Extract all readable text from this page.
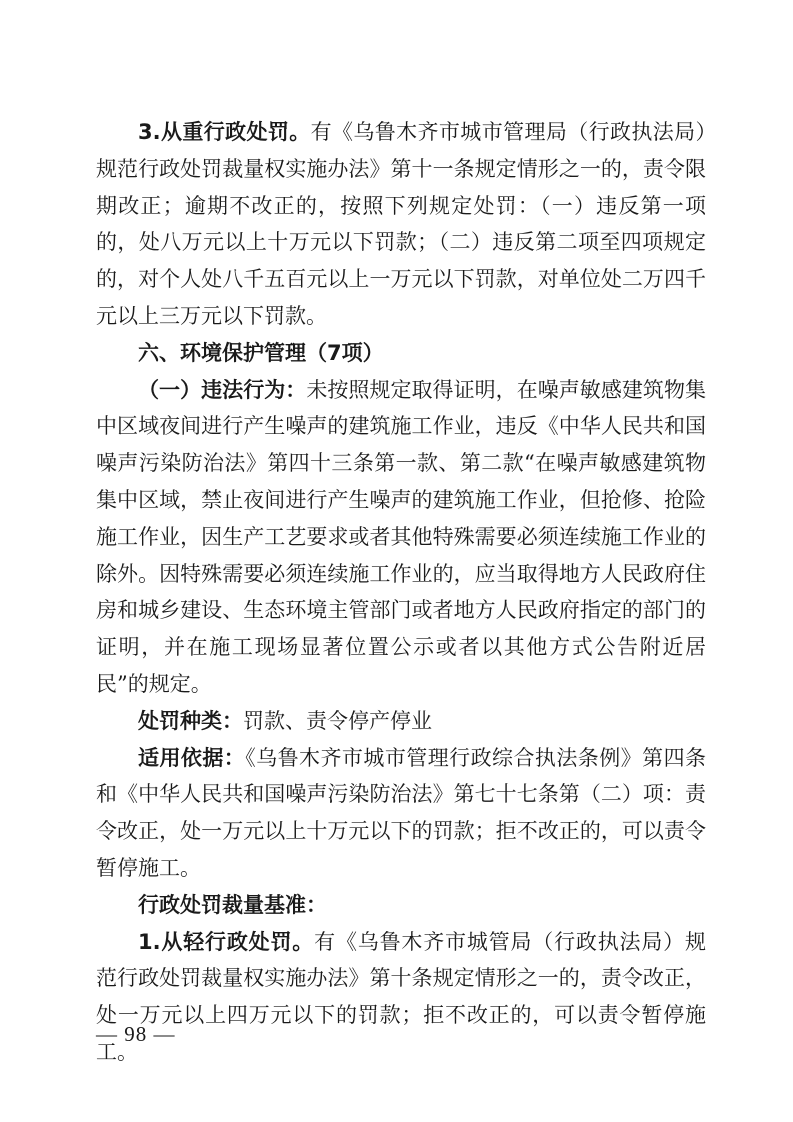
3.从重行政处罚。有《乌鲁木齐市城市管理局（行政执法局）规范行政处罚裁量权实施办法》第十一条规定情形之一的，责令限期改正；逾期不改正的，按照下列规定处罚：（一）违反第一项的，处八万元以上十万元以下罚款；（二）违反第二项至四项规定的，对个人处八千五百元以上一万元以下罚款，对单位处二万四千元以上三万元以下罚款。

六、环境保护管理（7项）

（一）违法行为：未按照规定取得证明，在噪声敏感建筑物集中区域夜间进行产生噪声的建筑施工作业，违反《中华人民共和国噪声污染防治法》第四十三条第一款、第二款“在噪声敏感建筑物集中区域，禁止夜间进行产生噪声的建筑施工作业，但抢修、抢险施工作业，因生产工艺要求或者其他特殊需要必须连续施工作业的除外。因特殊需要必须连续施工作业的，应当取得地方人民政府住房和城乡建设、生态环境主管部门或者地方人民政府指定的部门的证明，并在施工现场显著位置公示或者以其他方式公告附近居民”的规定。

处罚种类：罚款、责令停产停业

适用依据：《乌鲁木齐市城市管理行政综合执法条例》第四条和《中华人民共和国噪声污染防治法》第七十七条第（二）项：责令改正，处一万元以上十万元以下的罚款；拒不改正的，可以责令暂停施工。

行政处罚裁量基准：

1.从轻行政处罚。有《乌鲁木齐市城管局（行政执法局）规范行政处罚裁量权实施办法》第十条规定情形之一的，责令改正，处一万元以上四万元以下的罚款；拒不改正的，可以责令暂停施工。

— 98 —
